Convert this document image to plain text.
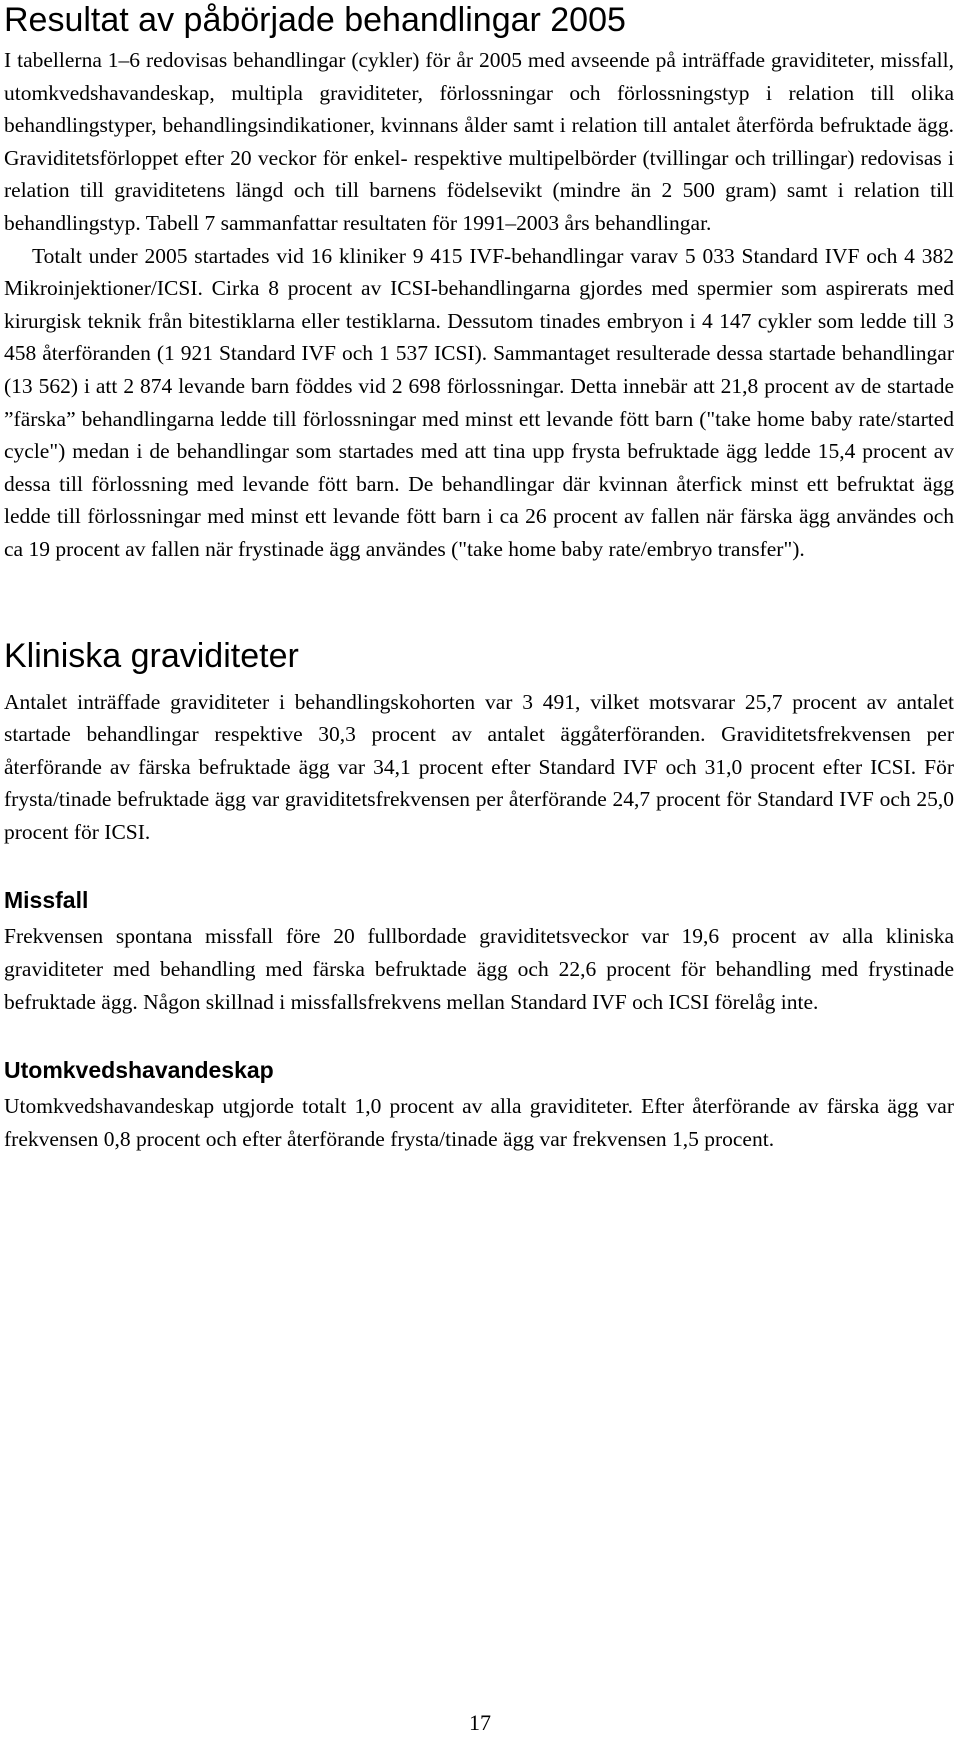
Resultat av påbörjade behandlingar 2005

I tabellerna 1–6 redovisas behandlingar (cykler) för år 2005 med avseende på inträffade graviditeter, missfall, utomkvedshavandeskap, multipla graviditeter, förlossningar och förlossningstyp i relation till olika behandlingstyper, behandlingsindikationer, kvinnans ålder samt i relation till antalet återförda befruktade ägg. Graviditetsförloppet efter 20 veckor för enkel- respektive multipelbörder (tvillingar och trillingar) redovisas i relation till graviditetens längd och till barnens födelsevikt (mindre än 2 500 gram) samt i relation till behandlingstyp. Tabell 7 sammanfattar resultaten för 1991–2003 års behandlingar.

Totalt under 2005 startades vid 16 kliniker 9 415 IVF-behandlingar varav 5 033 Standard IVF och 4 382 Mikroinjektioner/ICSI. Cirka 8 procent av ICSI-behandlingarna gjordes med spermier som aspirerats med kirurgisk teknik från bitestiklarna eller testiklarna. Dessutom tinades embryon i 4 147 cykler som ledde till 3 458 återföranden (1 921 Standard IVF och 1 537 ICSI). Sammantaget resulterade dessa startade behandlingar (13 562) i att 2 874 levande barn föddes vid 2 698 förlossningar. Detta innebär att 21,8 procent av de startade ”färska” behandlingarna ledde till förlossningar med minst ett levande fött barn ("take home baby rate/started cycle") medan i de behandlingar som startades med att tina upp frysta befruktade ägg ledde 15,4 procent av dessa till förlossning med levande fött barn. De behandlingar där kvinnan återfick minst ett befruktat ägg ledde till förlossningar med minst ett levande fött barn i ca 26 procent av fallen när färska ägg användes och ca 19 procent av fallen när frystinade ägg användes ("take home baby rate/embryo transfer").

Kliniska graviditeter

Antalet inträffade graviditeter i behandlingskohorten var 3 491, vilket motsvarar 25,7 procent av antalet startade behandlingar respektive 30,3 procent av antalet äggåterföranden. Graviditetsfrekvensen per återförande av färska befruktade ägg var 34,1 procent efter Standard IVF och 31,0 procent efter ICSI. För frysta/tinade befruktade ägg var graviditetsfrekvensen per återförande 24,7 procent för Standard IVF och 25,0 procent för ICSI.

Missfall

Frekvensen spontana missfall före 20 fullbordade graviditetsveckor var 19,6 procent av alla kliniska graviditeter med behandling med färska befruktade ägg och 22,6 procent för behandling med frystinade befruktade ägg. Någon skillnad i missfallsfrekvens mellan Standard IVF och ICSI förelåg inte.

Utomkvedshavandeskap

Utomkvedshavandeskap utgjorde totalt 1,0 procent av alla graviditeter. Efter återförande av färska ägg var frekvensen 0,8 procent och efter återförande frysta/tinade ägg var frekvensen 1,5 procent.

17
